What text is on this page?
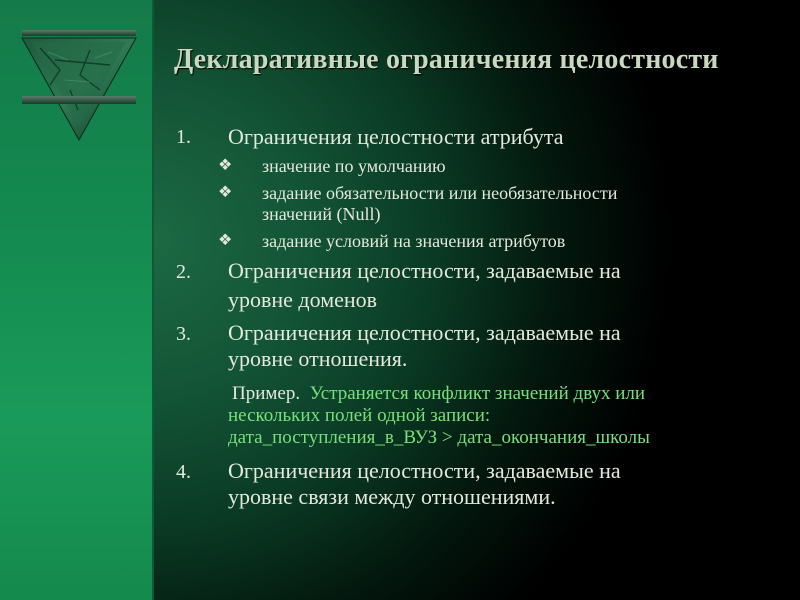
Декларативные ограничения целостности
1. Ограничения целостности атрибута
❖ значение по умолчанию
❖ задание обязательности или необязательности
значений (Null)
❖ задание условий на значения атрибутов
2. Ограничения целостности, задаваемые на
уровне доменов
3. Ограничения целостности, задаваемые на
уровне отношения.
Пример. Устраняется конфликт значений двух или
нескольких полей одной записи:
дата_поступления_в_ВУЗ > дата_окончания_школы
4. Ограничения целостности, задаваемые на
уровне связи между отношениями.
